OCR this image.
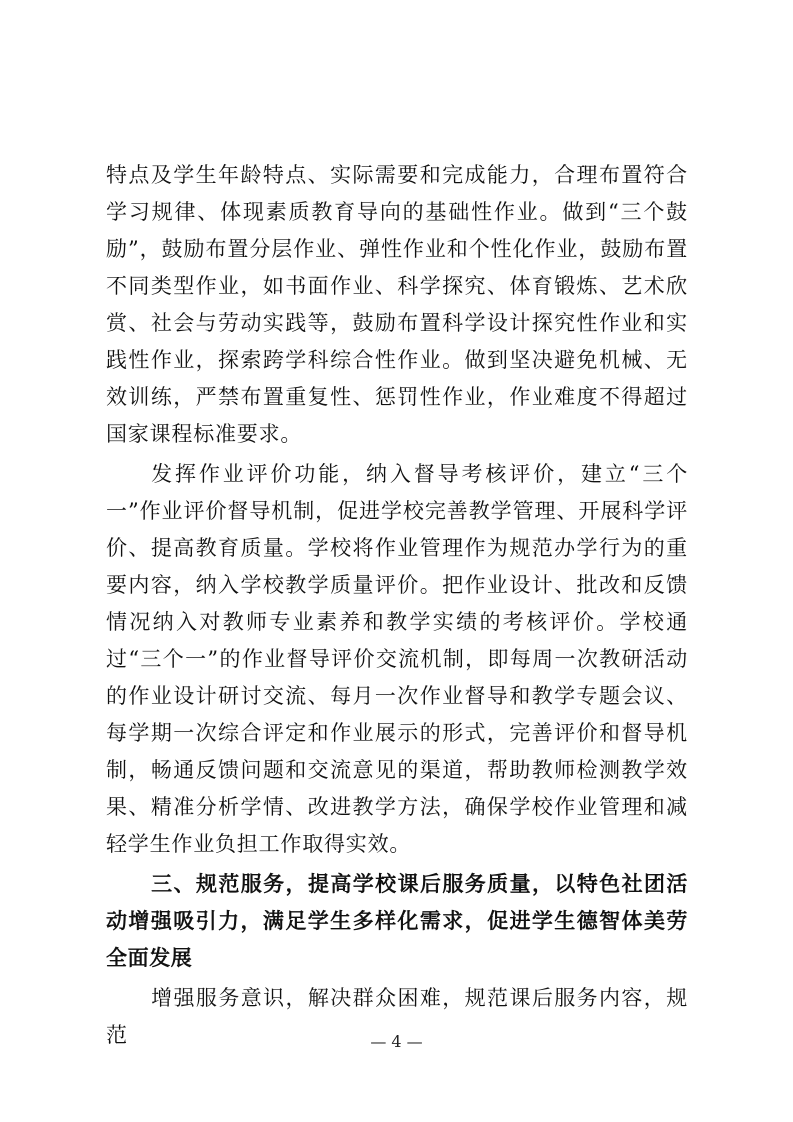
特点及学生年龄特点、实际需要和完成能力，合理布置符合学习规律、体现素质教育导向的基础性作业。做到“三个鼓励”，鼓励布置分层作业、弹性作业和个性化作业，鼓励布置不同类型作业，如书面作业、科学探究、体育锻炼、艺术欣赏、社会与劳动实践等，鼓励布置科学设计探究性作业和实践性作业，探索跨学科综合性作业。做到坚决避免机械、无效训练，严禁布置重复性、惩罚性作业，作业难度不得超过国家课程标准要求。

发挥作业评价功能，纳入督导考核评价，建立“三个一”作业评价督导机制，促进学校完善教学管理、开展科学评价、提高教育质量。学校将作业管理作为规范办学行为的重要内容，纳入学校教学质量评价。把作业设计、批改和反馈情况纳入对教师专业素养和教学实绩的考核评价。学校通过“三个一”的作业督导评价交流机制，即每周一次教研活动的作业设计研讨交流、每月一次作业督导和教学专题会议、每学期一次综合评定和作业展示的形式，完善评价和督导机制，畅通反馈问题和交流意见的渠道，帮助教师检测教学效果、精准分析学情、改进教学方法，确保学校作业管理和减轻学生作业负担工作取得实效。

三、规范服务，提高学校课后服务质量，以特色社团活动增强吸引力，满足学生多样化需求，促进学生德智体美劳全面发展

增强服务意识，解决群众困难，规范课后服务内容，规范	— 4 —
